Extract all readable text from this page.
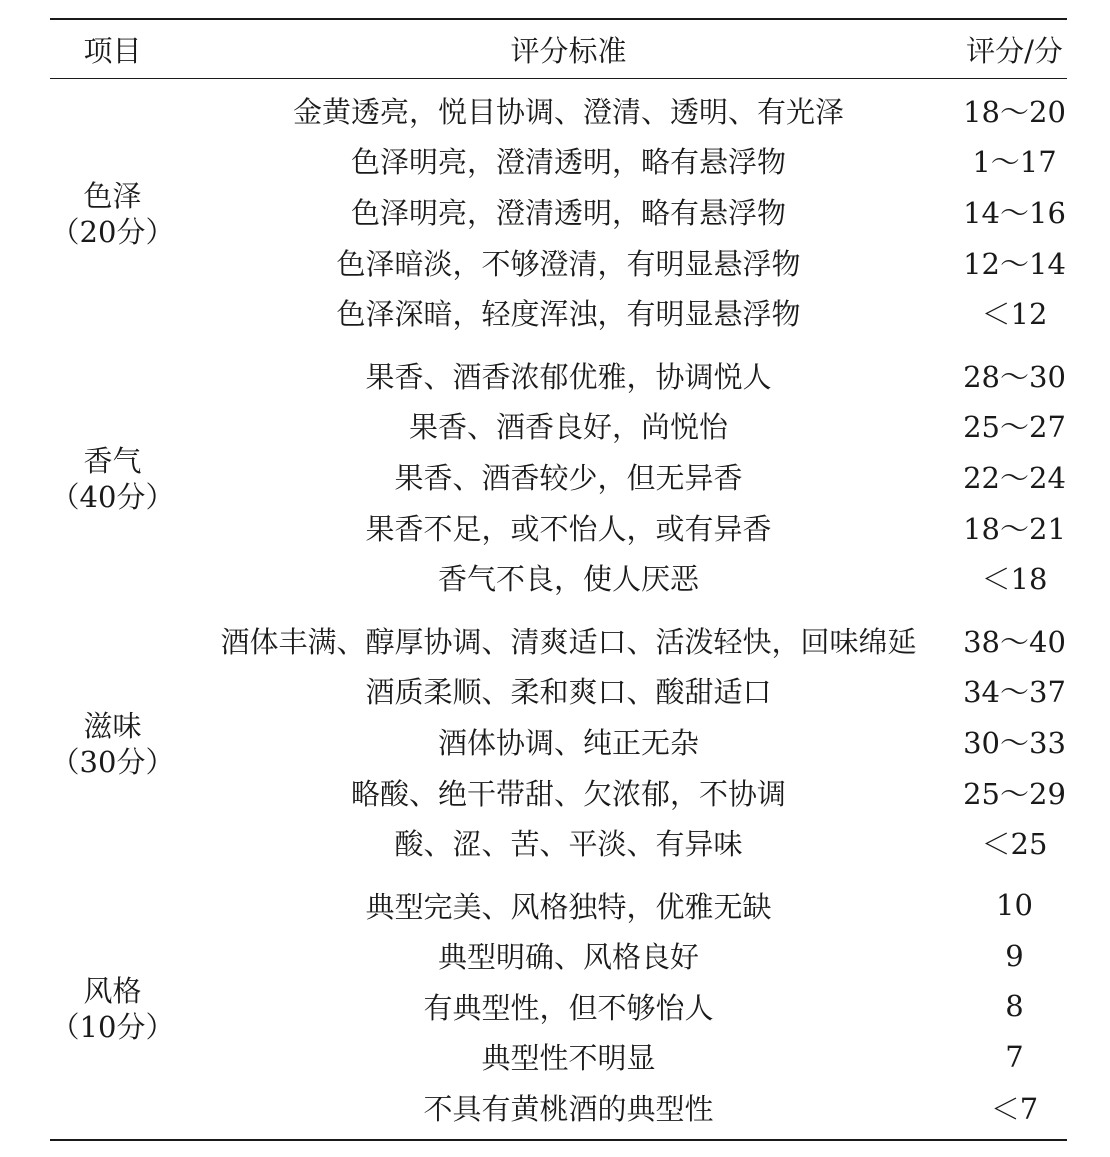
项目	评分标准	评分/分

色泽
（20分）	金黄透亮，悦目协调、澄清、透明、有光泽	18～20
	色泽明亮，澄清透明，略有悬浮物	1～17
	色泽明亮，澄清透明，略有悬浮物	14～16
	色泽暗淡，不够澄清，有明显悬浮物	12～14
	色泽深暗，轻度浑浊，有明显悬浮物	＜12

香气
（40分）	果香、酒香浓郁优雅，协调悦人	28～30
	果香、酒香良好，尚悦怡	25～27
	果香、酒香较少，但无异香	22～24
	果香不足，或不怡人，或有异香	18～21
	香气不良，使人厌恶	＜18

滋味
（30分）	酒体丰满、醇厚协调、清爽适口、活泼轻快，回味绵延	38～40
	酒质柔顺、柔和爽口、酸甜适口	34～37
	酒体协调、纯正无杂	30～33
	略酸、绝干带甜、欠浓郁，不协调	25～29
	酸、涩、苦、平淡、有异味	＜25

风格
（10分）	典型完美、风格独特，优雅无缺	10
	典型明确、风格良好	9
	有典型性，但不够怡人	8
	典型性不明显	7
	不具有黄桃酒的典型性	＜7
